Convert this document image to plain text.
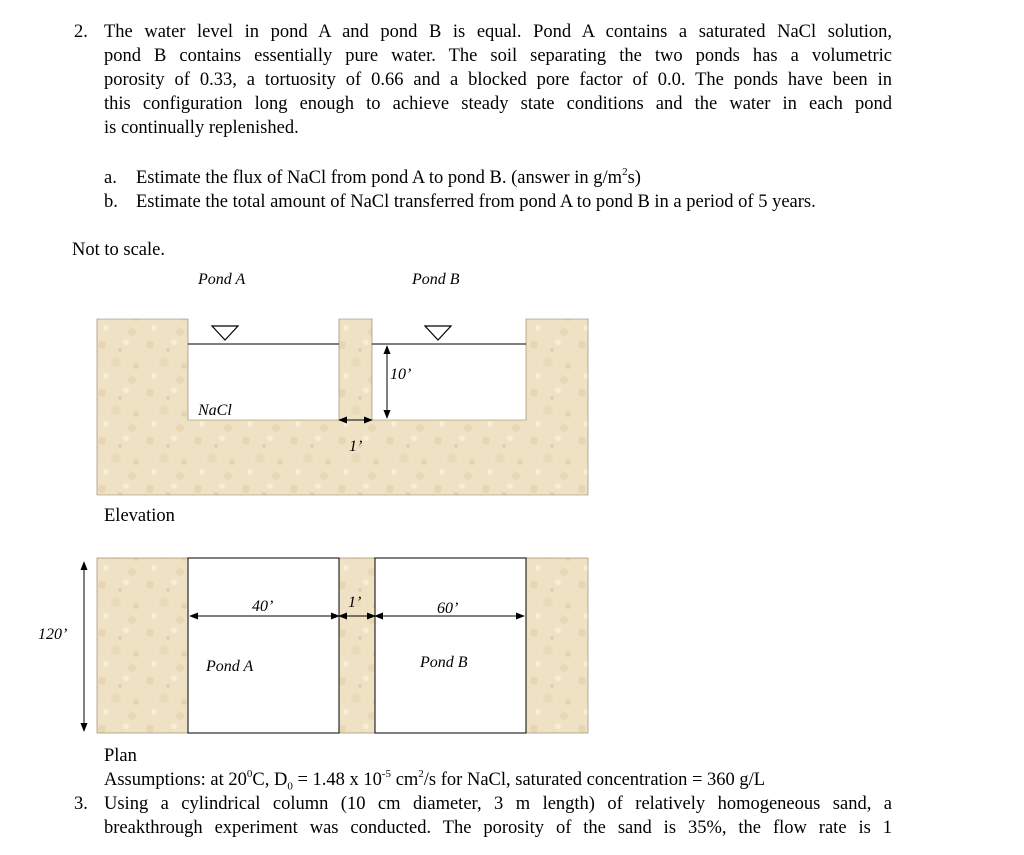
2. The water level in pond A and pond B is equal. Pond A contains a saturated NaCl solution,
pond B contains essentially pure water. The soil separating the two ponds has a volumetric
porosity of 0.33, a tortuosity of 0.66 and a blocked pore factor of 0.0. The ponds have been in
this configuration long enough to achieve steady state conditions and the water in each pond
is continually replenished.
a. Estimate the flux of NaCl from pond A to pond B. (answer in $g/m^2s$)
b. Estimate the total amount of NaCl transferred from pond A to pond B in a period of 5 years.
Not to scale.
Pond A	Pond B
NaCl
10’
1’
Elevation
120’
40’	1’	60’
Pond A	Pond B
Plan
Assumptions: at $20^0C$, $D_0 = 1.48$ x $10^{-5}$ $cm^2/s$ for NaCl, saturated concentration = 360 g/L
3. Using a cylindrical column (10 cm diameter, 3 m length) of relatively homogeneous sand, a
breakthrough experiment was conducted. The porosity of the sand is 35%, the flow rate is 1
